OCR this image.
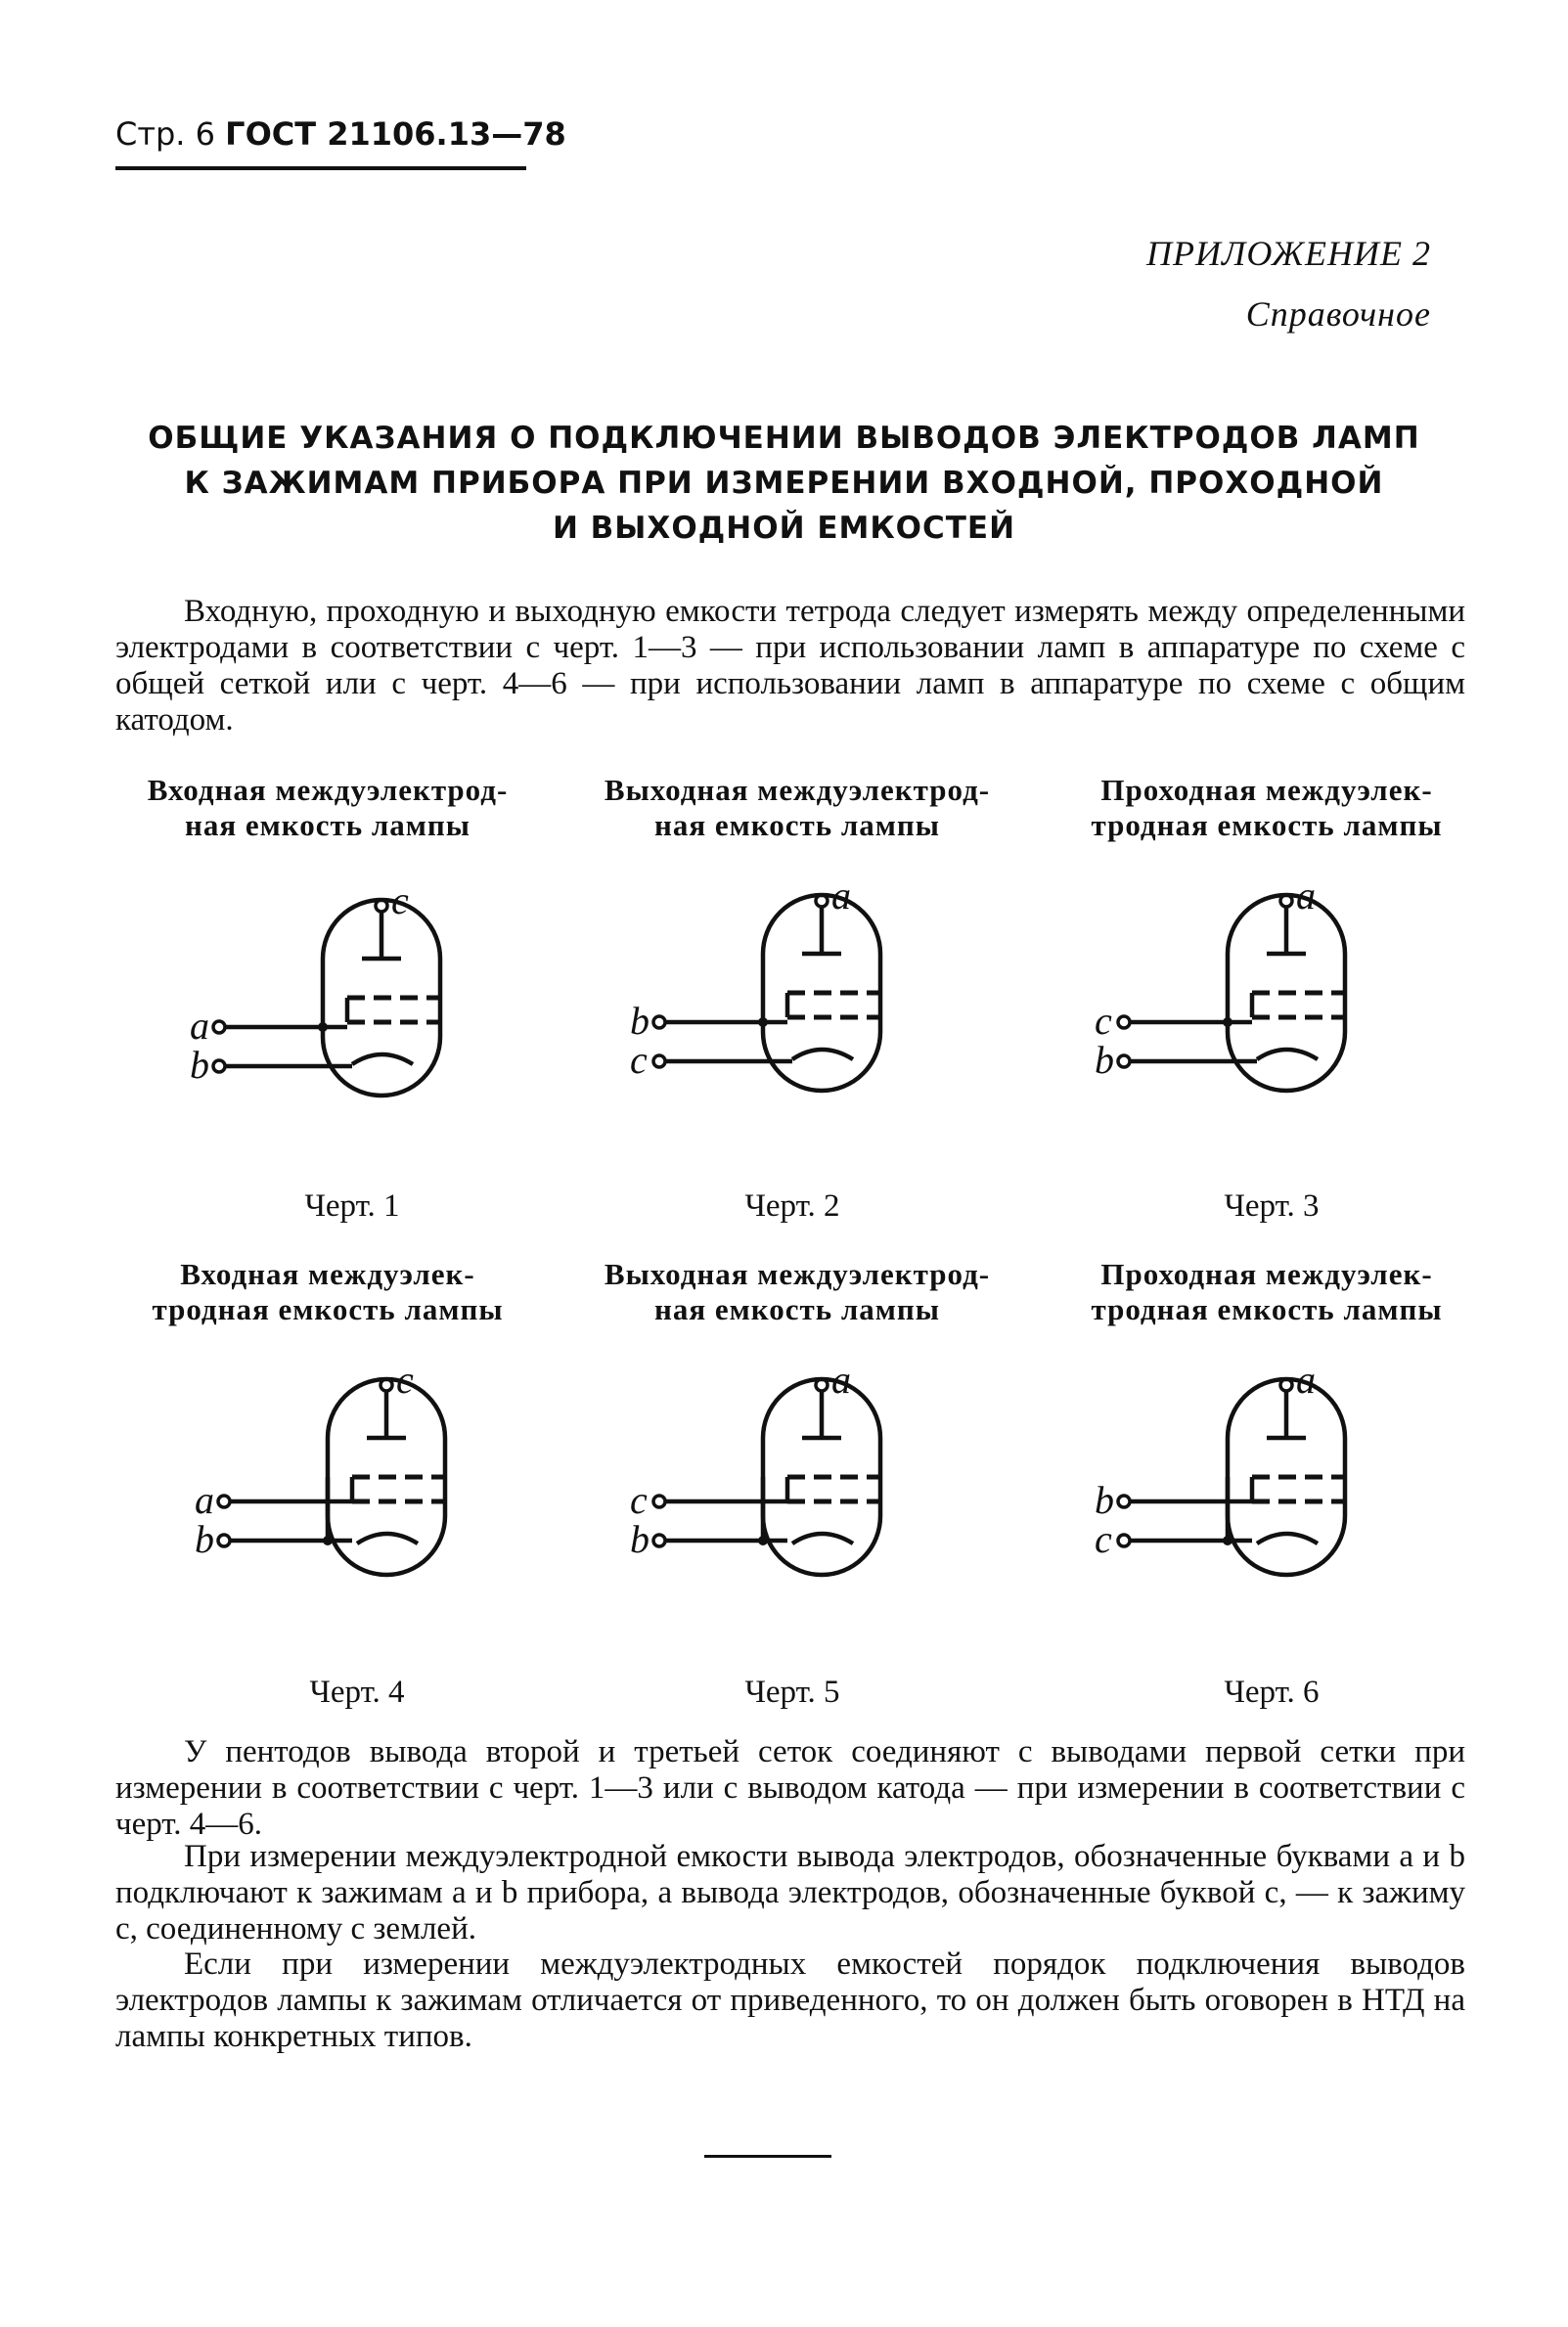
Стр. 6 ГОСТ 21106.13—78
ПРИЛОЖЕНИЕ 2
Справочное
ОБЩИЕ УКАЗАНИЯ О ПОДКЛЮЧЕНИИ ВЫВОДОВ ЭЛЕКТРОДОВ ЛАМП
К ЗАЖИМАМ ПРИБОРА ПРИ ИЗМЕРЕНИИ ВХОДНОЙ, ПРОХОДНОЙ
И ВЫХОДНОЙ ЕМКОСТЕЙ
Входную, проходную и выходную емкости тетрода следует измерять между определенными электродами в соответствии с черт. 1—3 — при использовании ламп в аппаратуре по схеме с общей сеткой или с черт. 4—6 — при использовании ламп в аппаратуре по схеме с общим катодом.
Входная междуэлектрод-
ная емкость лампы
c
a
b
Черт. 1
Выходная междуэлектрод-
ная емкость лампы
a
b
c
Черт. 2
Проходная междуэлек-
тродная емкость лампы
a
c
b
Черт. 3
Входная междуэлек-
тродная емкость лампы
c
a
b
Черт. 4
Выходная междуэлектрод-
ная емкость лампы
a
c
b
Черт. 5
Проходная междуэлек-
тродная емкость лампы
a
b
c
Черт. 6
У пентодов вывода второй и третьей сеток соединяют с выводами первой сетки при измерении в соответствии с черт. 1—3 или с выводом катода — при измерении в соответствии с черт. 4—6.
При измерении междуэлектродной емкости вывода электродов, обозначенные буквами a и b подключают к зажимам a и b прибора, а вывода электродов, обозначенные буквой c, — к зажиму c, соединенному с землей.
Если при измерении междуэлектродных емкостей порядок подключения выводов электродов лампы к зажимам отличается от приведенного, то он должен быть оговорен в НТД на лампы конкретных типов.
